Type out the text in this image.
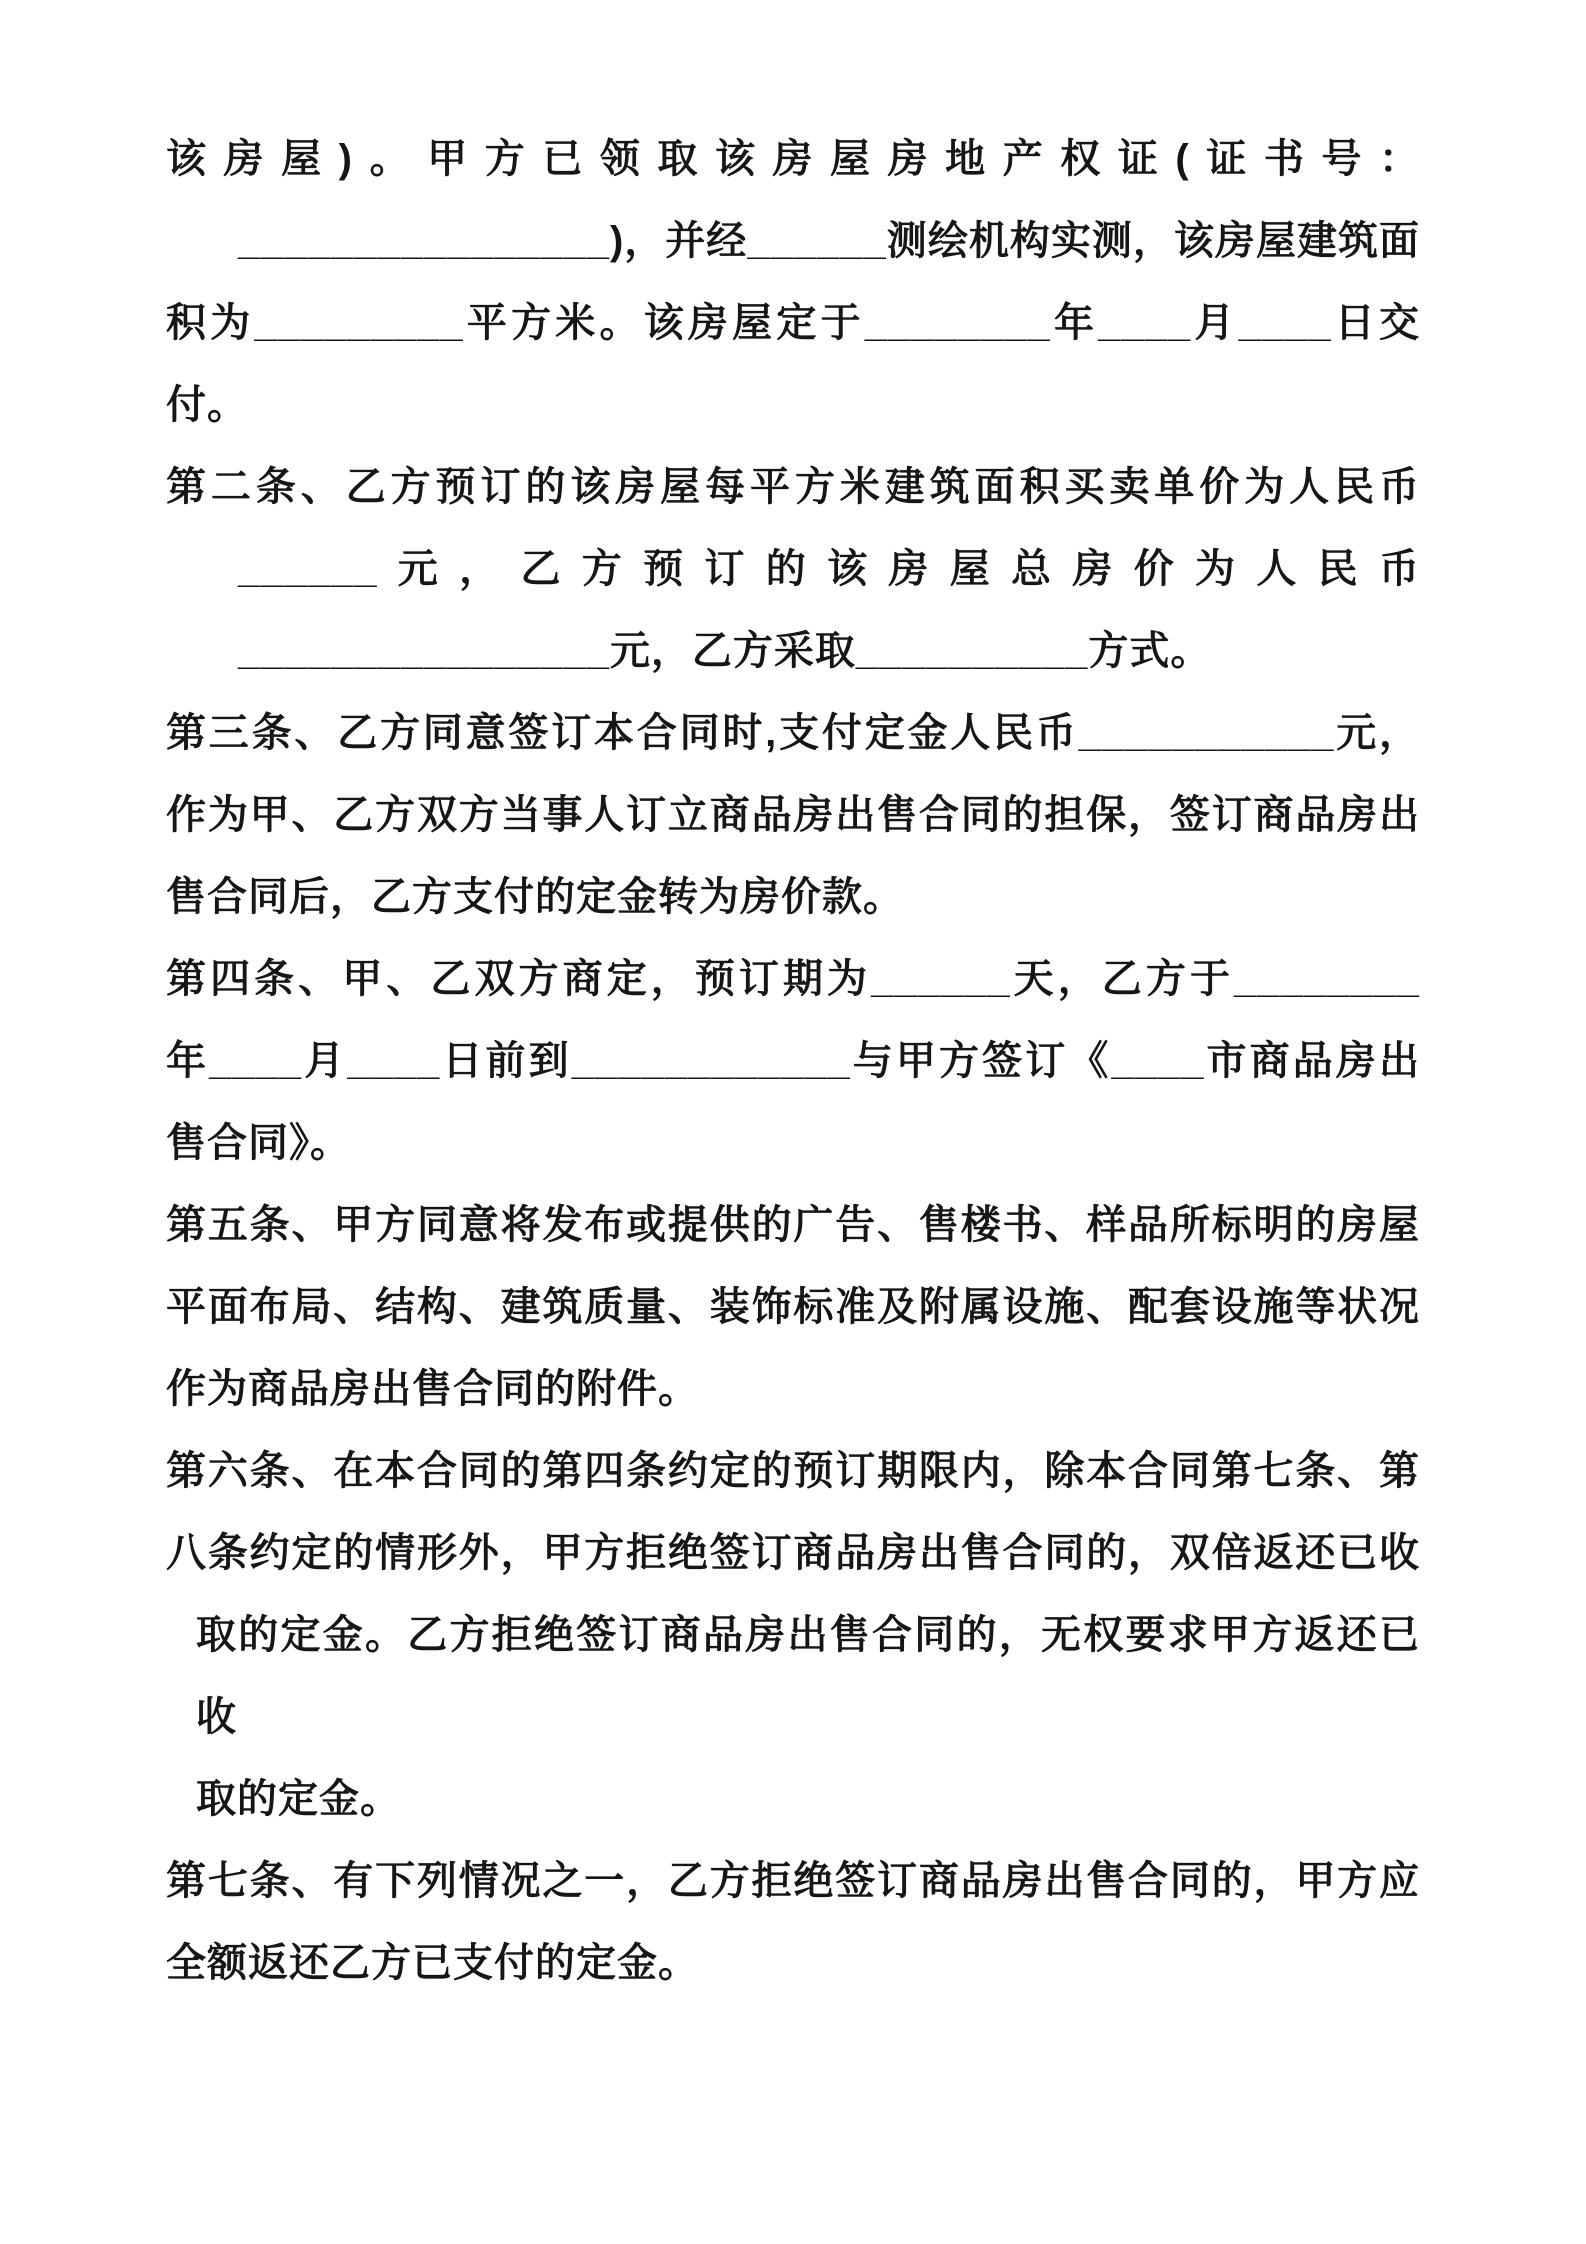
该房屋)。甲方已领取该房屋房地产权证(证书号：
________________)，并经______测绘机构实测，该房屋建筑面
积为_________平方米。该房屋定于________年____月____日交
付。
第二条、乙方预订的该房屋每平方米建筑面积买卖单价为人民币
______元，乙方预订的该房屋总房价为人民币
________________元，乙方采取__________方式。
第三条、乙方同意签订本合同时,支付定金人民币___________元，
作为甲、乙方双方当事人订立商品房出售合同的担保，签订商品房出
售合同后，乙方支付的定金转为房价款。
第四条、甲、乙双方商定，预订期为______天，乙方于________
年____月____日前到____________与甲方签订《____市商品房出
售合同》。
第五条、甲方同意将发布或提供的广告、售楼书、样品所标明的房屋
平面布局、结构、建筑质量、装饰标准及附属设施、配套设施等状况
作为商品房出售合同的附件。
第六条、在本合同的第四条约定的预订期限内，除本合同第七条、第
八条约定的情形外，甲方拒绝签订商品房出售合同的，双倍返还已收
取的定金。乙方拒绝签订商品房出售合同的，无权要求甲方返还已收
取的定金。
第七条、有下列情况之一，乙方拒绝签订商品房出售合同的，甲方应
全额返还乙方已支付的定金。
